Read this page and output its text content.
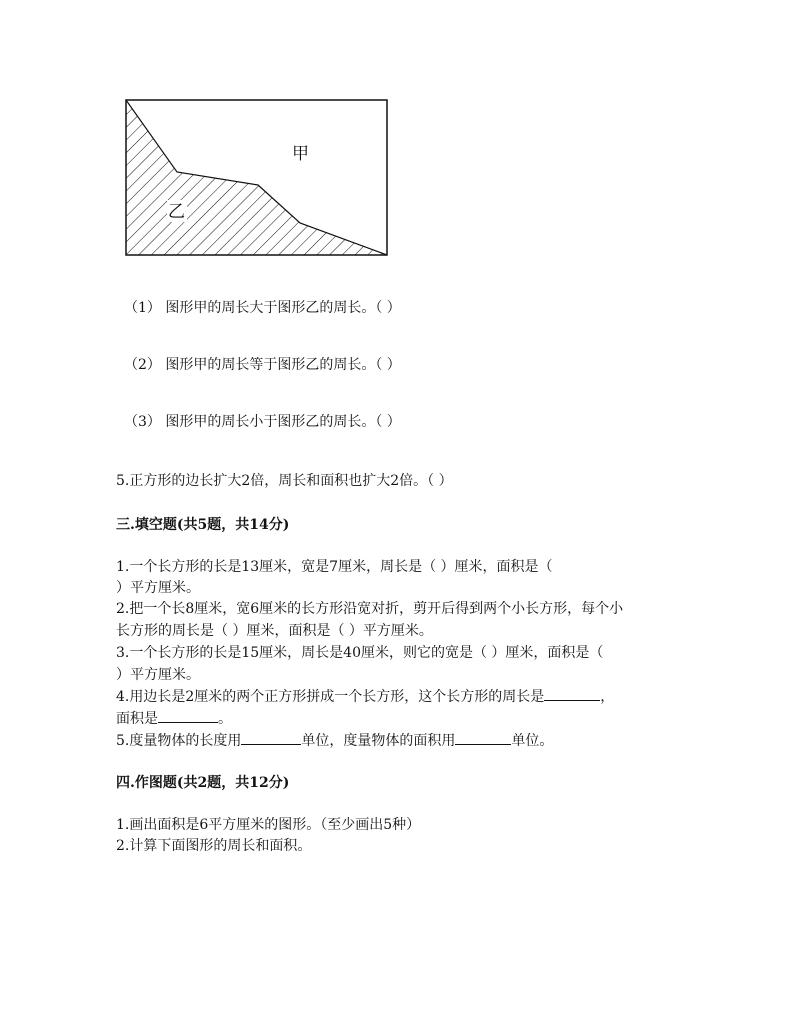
甲
乙
（1） 图形甲的周长大于图形乙的周长。（ ）
（2） 图形甲的周长等于图形乙的周长。（ ）
（3） 图形甲的周长小于图形乙的周长。（ ）
5.正方形的边长扩大2倍，周长和面积也扩大2倍。（ ）
三.填空题(共5题，共14分)
1.一个长方形的长是13厘米，宽是7厘米，周长是（ ）厘米，面积是（
）平方厘米。
2.把一个长8厘米，宽6厘米的长方形沿宽对折，剪开后得到两个小长方形，每个小
长方形的周长是（ ）厘米，面积是（ ）平方厘米。
3.一个长方形的长是15厘米，周长是40厘米，则它的宽是（ ）厘米，面积是（
）平方厘米。
4.用边长是2厘米的两个正方形拼成一个长方形，这个长方形的周长是	，
面积是	。
5.度量物体的长度用	单位，度量物体的面积用	单位。
四.作图题(共2题，共12分)
1.画出面积是6平方厘米的图形。（至少画出5种）
2.计算下面图形的周长和面积。
